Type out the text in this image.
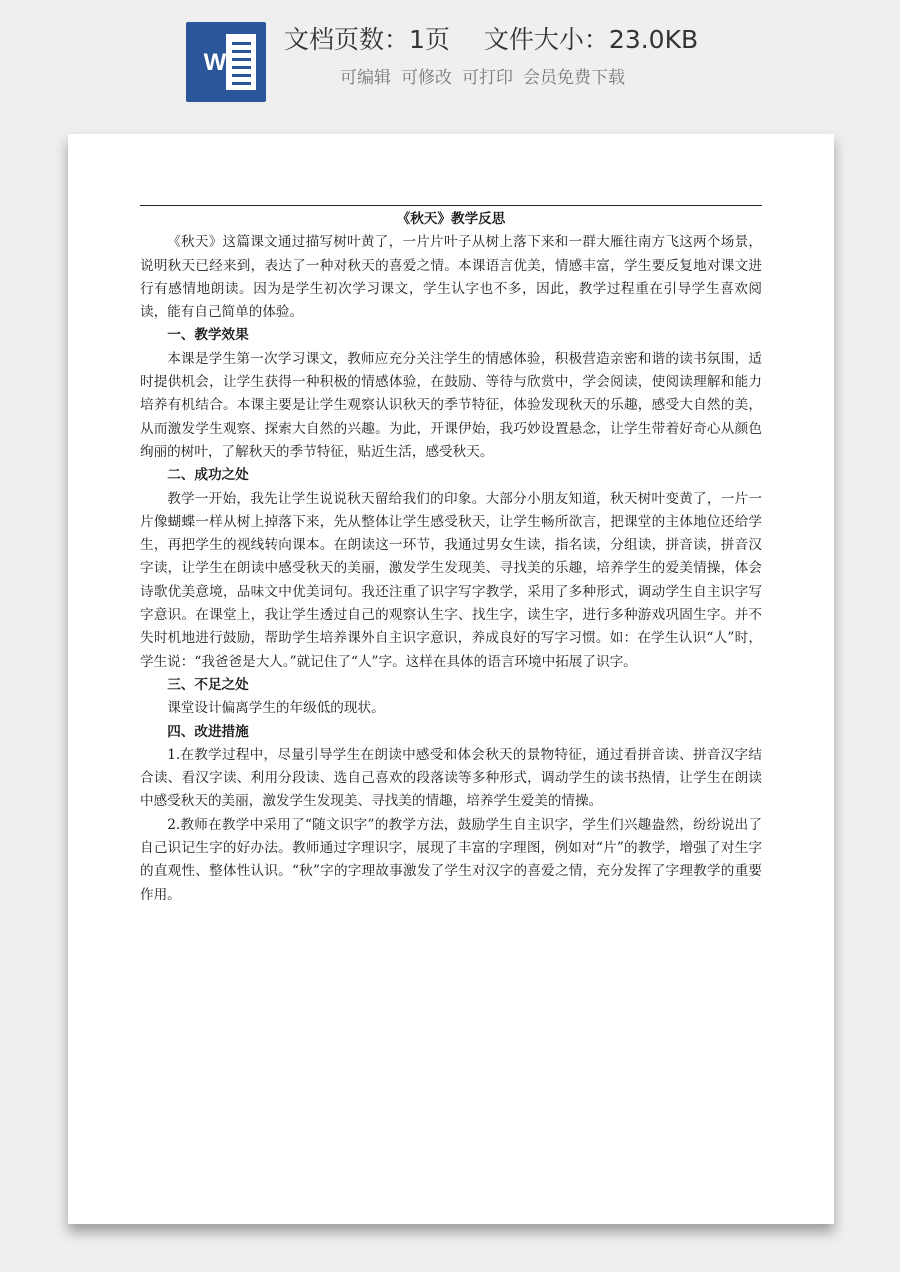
W
文档页数：1页 文件大小：23.0KB
可编辑 可修改 可打印 会员免费下载
《秋天》教学反思

《秋天》这篇课文通过描写树叶黄了，一片片叶子从树上落下来和一群大雁往南方飞这两个场景，说明秋天已经来到，表达了一种对秋天的喜爱之情。本课语言优美，情感丰富，学生要反复地对课文进行有感情地朗读。因为是学生初次学习课文，学生认字也不多，因此，教学过程重在引导学生喜欢阅读，能有自己简单的体验。

一、教学效果

本课是学生第一次学习课文，教师应充分关注学生的情感体验，积极营造亲密和谐的读书氛围，适时提供机会，让学生获得一种积极的情感体验，在鼓励、等待与欣赏中，学会阅读，使阅读理解和能力培养有机结合。本课主要是让学生观察认识秋天的季节特征，体验发现秋天的乐趣，感受大自然的美，从而激发学生观察、探索大自然的兴趣。为此，开课伊始，我巧妙设置悬念，让学生带着好奇心从颜色绚丽的树叶，了解秋天的季节特征，贴近生活，感受秋天。

二、成功之处

教学一开始，我先让学生说说秋天留给我们的印象。大部分小朋友知道，秋天树叶变黄了，一片一片像蝴蝶一样从树上掉落下来，先从整体让学生感受秋天，让学生畅所欲言，把课堂的主体地位还给学生，再把学生的视线转向课本。在朗读这一环节，我通过男女生读，指名读，分组读，拼音读，拼音汉字读，让学生在朗读中感受秋天的美丽，激发学生发现美、寻找美的乐趣，培养学生的爱美情操，体会诗歌优美意境，品味文中优美词句。我还注重了识字写字教学，采用了多种形式，调动学生自主识字写字意识。在课堂上，我让学生透过自己的观察认生字、找生字，读生字，进行多种游戏巩固生字。并不失时机地进行鼓励，帮助学生培养课外自主识字意识，养成良好的写字习惯。如：在学生认识“人”时，学生说：“我爸爸是大人。”就记住了“人”字。这样在具体的语言环境中拓展了识字。

三、不足之处

课堂设计偏离学生的年级低的现状。

四、改进措施

1.在教学过程中，尽量引导学生在朗读中感受和体会秋天的景物特征，通过看拼音读、拼音汉字结合读、看汉字读、利用分段读、选自己喜欢的段落读等多种形式，调动学生的读书热情，让学生在朗读中感受秋天的美丽，激发学生发现美、寻找美的情趣，培养学生爱美的情操。

2.教师在教学中采用了“随文识字”的教学方法，鼓励学生自主识字，学生们兴趣盎然，纷纷说出了自己识记生字的好办法。教师通过字理识字，展现了丰富的字理图，例如对“片”的教学，增强了对生字的直观性、整体性认识。“秋”字的字理故事激发了学生对汉字的喜爱之情，充分发挥了字理教学的重要作用。
